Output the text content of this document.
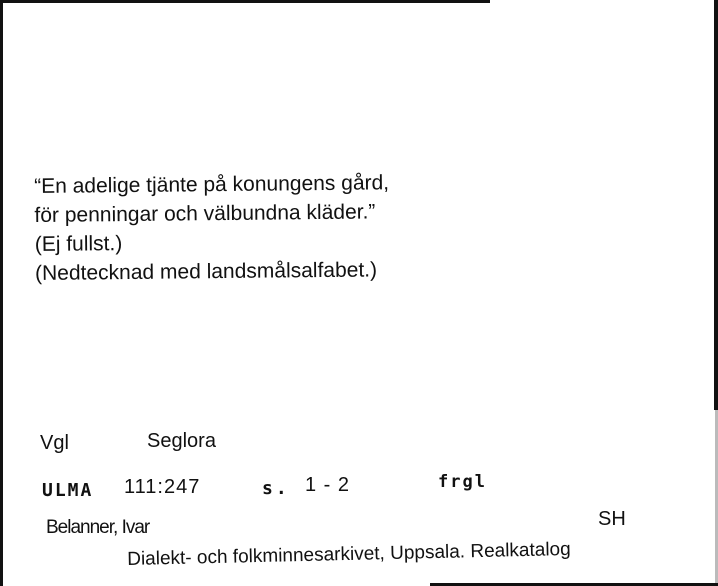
“En adelige tjänte på konungens gård,
för penningar och välbundna kläder.”
(Ej fullst.)
(Nedtecknad med landsmålsalfabet.)
Vgl	Seglora
ULMA 111:247	s. 1 - 2	frgl
Belanner, Ivar	SH
Dialekt- och folkminnesarkivet, Uppsala. Realkatalog
